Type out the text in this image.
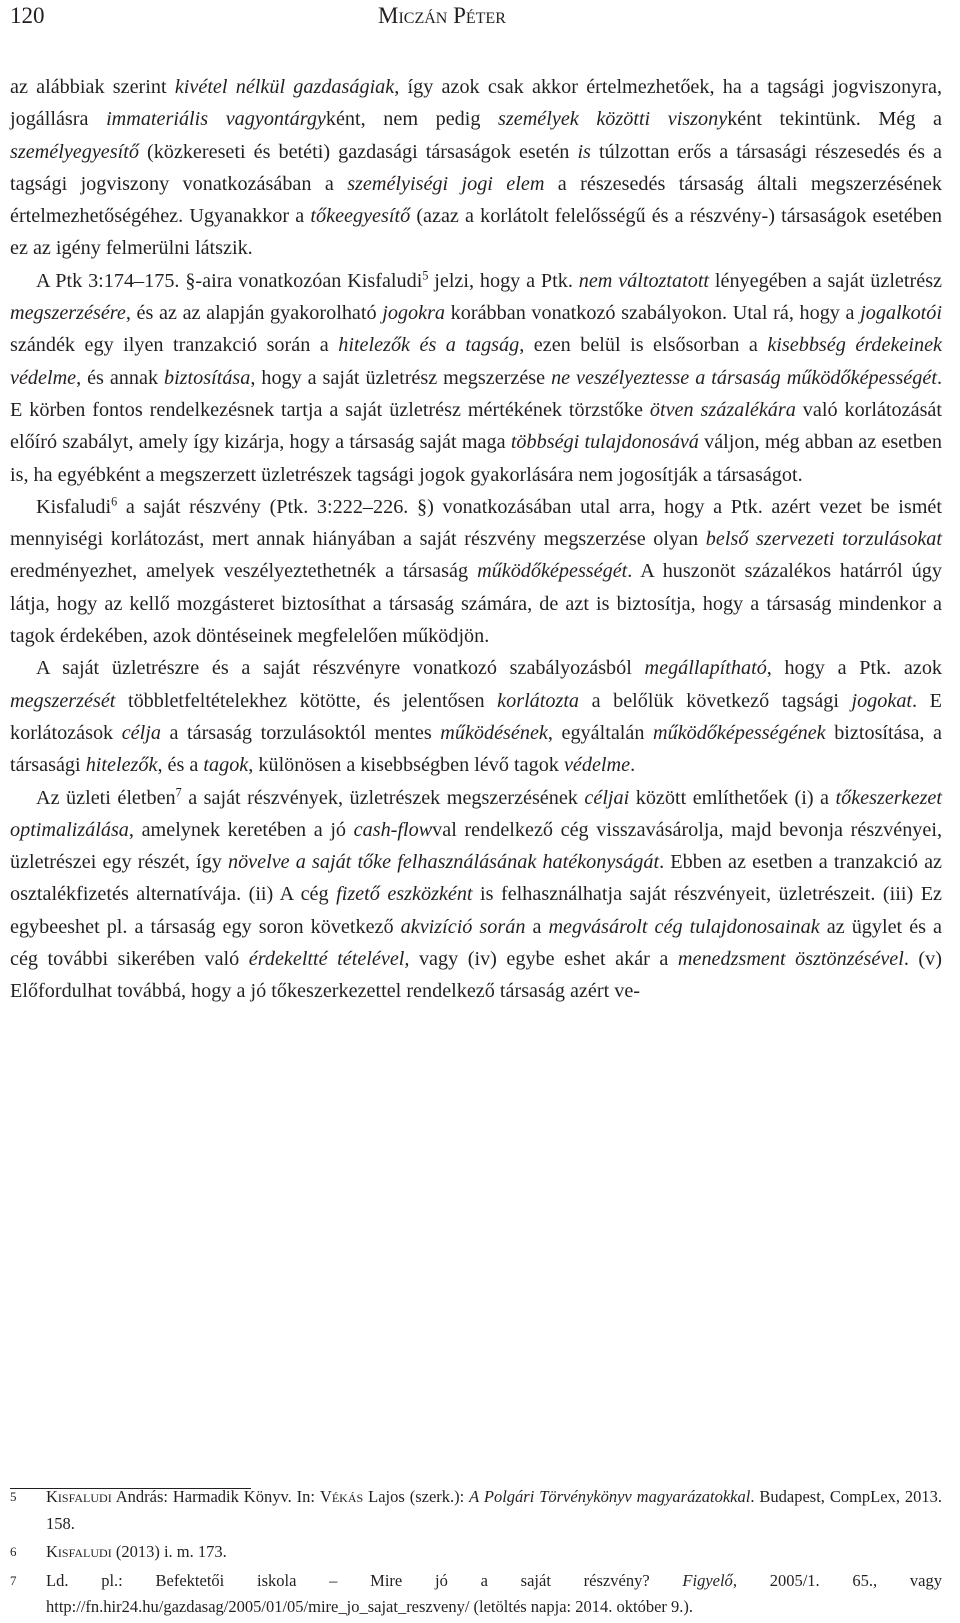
120	Miczán Péter

az alábbiak szerint kivétel nélkül gazdaságiak, így azok csak akkor értelmezhetőek, ha a tagsági jogviszonyra, jogállásra immateriális vagyontárgyként, nem pedig személyek közötti viszonyként tekintünk. Még a személyegyesítő (közkereseti és betéti) gazdasági társaságok esetén is túlzottan erős a társasági részesedés és a tagsági jogviszony vonatkozásában a személyiségi jogi elem a részesedés társaság általi megszerzésének értelmezhetőségéhez. Ugyanakkor a tőkeegyesítő (azaz a korlátolt felelősségű és a részvény-) társaságok esetében ez az igény felmerülni látszik.

A Ptk 3:174–175. §-aira vonatkozóan Kisfaludi$^5$ jelzi, hogy a Ptk. nem változtatott lényegében a saját üzletrész megszerzésére, és az az alapján gyakorolható jogokra korábban vonatkozó szabályokon. Utal rá, hogy a jogalkotói szándék egy ilyen tranzakció során a hitelezők és a tagság, ezen belül is elsősorban a kisebbség érdekeinek védelme, és annak biztosítása, hogy a saját üzletrész megszerzése ne veszélyeztesse a társaság működőképességét. E körben fontos rendelkezésnek tartja a saját üzletrész mértékének törzstőke ötven százalékára való korlátozását előíró szabályt, amely így kizárja, hogy a társaság saját maga többségi tulajdonosává váljon, még abban az esetben is, ha egyébként a megszerzett üzletrészek tagsági jogok gyakorlására nem jogosítják a társaságot.

Kisfaludi$^6$ a saját részvény (Ptk. 3:222–226. §) vonatkozásában utal arra, hogy a Ptk. azért vezet be ismét mennyiségi korlátozást, mert annak hiányában a saját részvény megszerzése olyan belső szervezeti torzulásokat eredményezhet, amelyek veszélyeztethetnék a társaság működőképességét. A huszonöt százalékos határról úgy látja, hogy az kellő mozgásteret biztosíthat a társaság számára, de azt is biztosítja, hogy a társaság mindenkor a tagok érdekében, azok döntéseinek megfelelően működjön.

A saját üzletrészre és a saját részvényre vonatkozó szabályozásból megállapítható, hogy a Ptk. azok megszerzését többletfeltételekhez kötötte, és jelentősen korlátozta a belőlük következő tagsági jogokat. E korlátozások célja a társaság torzulásoktól mentes működésének, egyáltalán működőképességének biztosítása, a társasági hitelezők, és a tagok, különösen a kisebbségben lévő tagok védelme.

Az üzleti életben$^7$ a saját részvények, üzletrészek megszerzésének céljai között említhetőek (i) a tőkeszerkezet optimalizálása, amelynek keretében a jó cash-flowval rendelkező cég visszavásárolja, majd bevonja részvényei, üzletrészei egy részét, így növelve a saját tőke felhasználásának hatékonyságát. Ebben az esetben a tranzakció az osztalékfizetés alternatívája. (ii) A cég fizető eszközként is felhasználhatja saját részvényeit, üzletrészeit. (iii) Ez egybeeshet pl. a társaság egy soron következő akvizíció során a megvásárolt cég tulajdonosainak az ügylet és a cég további sikerében való érdekeltté tételével, vagy (iv) egybe eshet akár a menedzsment ösztönzésével. (v) Előfordulhat továbbá, hogy a jó tőkeszerkezettel rendelkező társaság azért ve-

5 Kisfaludi András: Harmadik Könyv. In: Vékás Lajos (szerk.): A Polgári Törvénykönyv magyarázatokkal. Budapest, CompLex, 2013. 158.
6 Kisfaludi (2013) i. m. 173.
7 Ld. pl.: Befektetői iskola – Mire jó a saját részvény? Figyelő, 2005/1. 65., vagy http://fn.hir24.hu/gazdasag/2005/01/05/mire_jo_sajat_reszveny/ (letöltés napja: 2014. október 9.).
